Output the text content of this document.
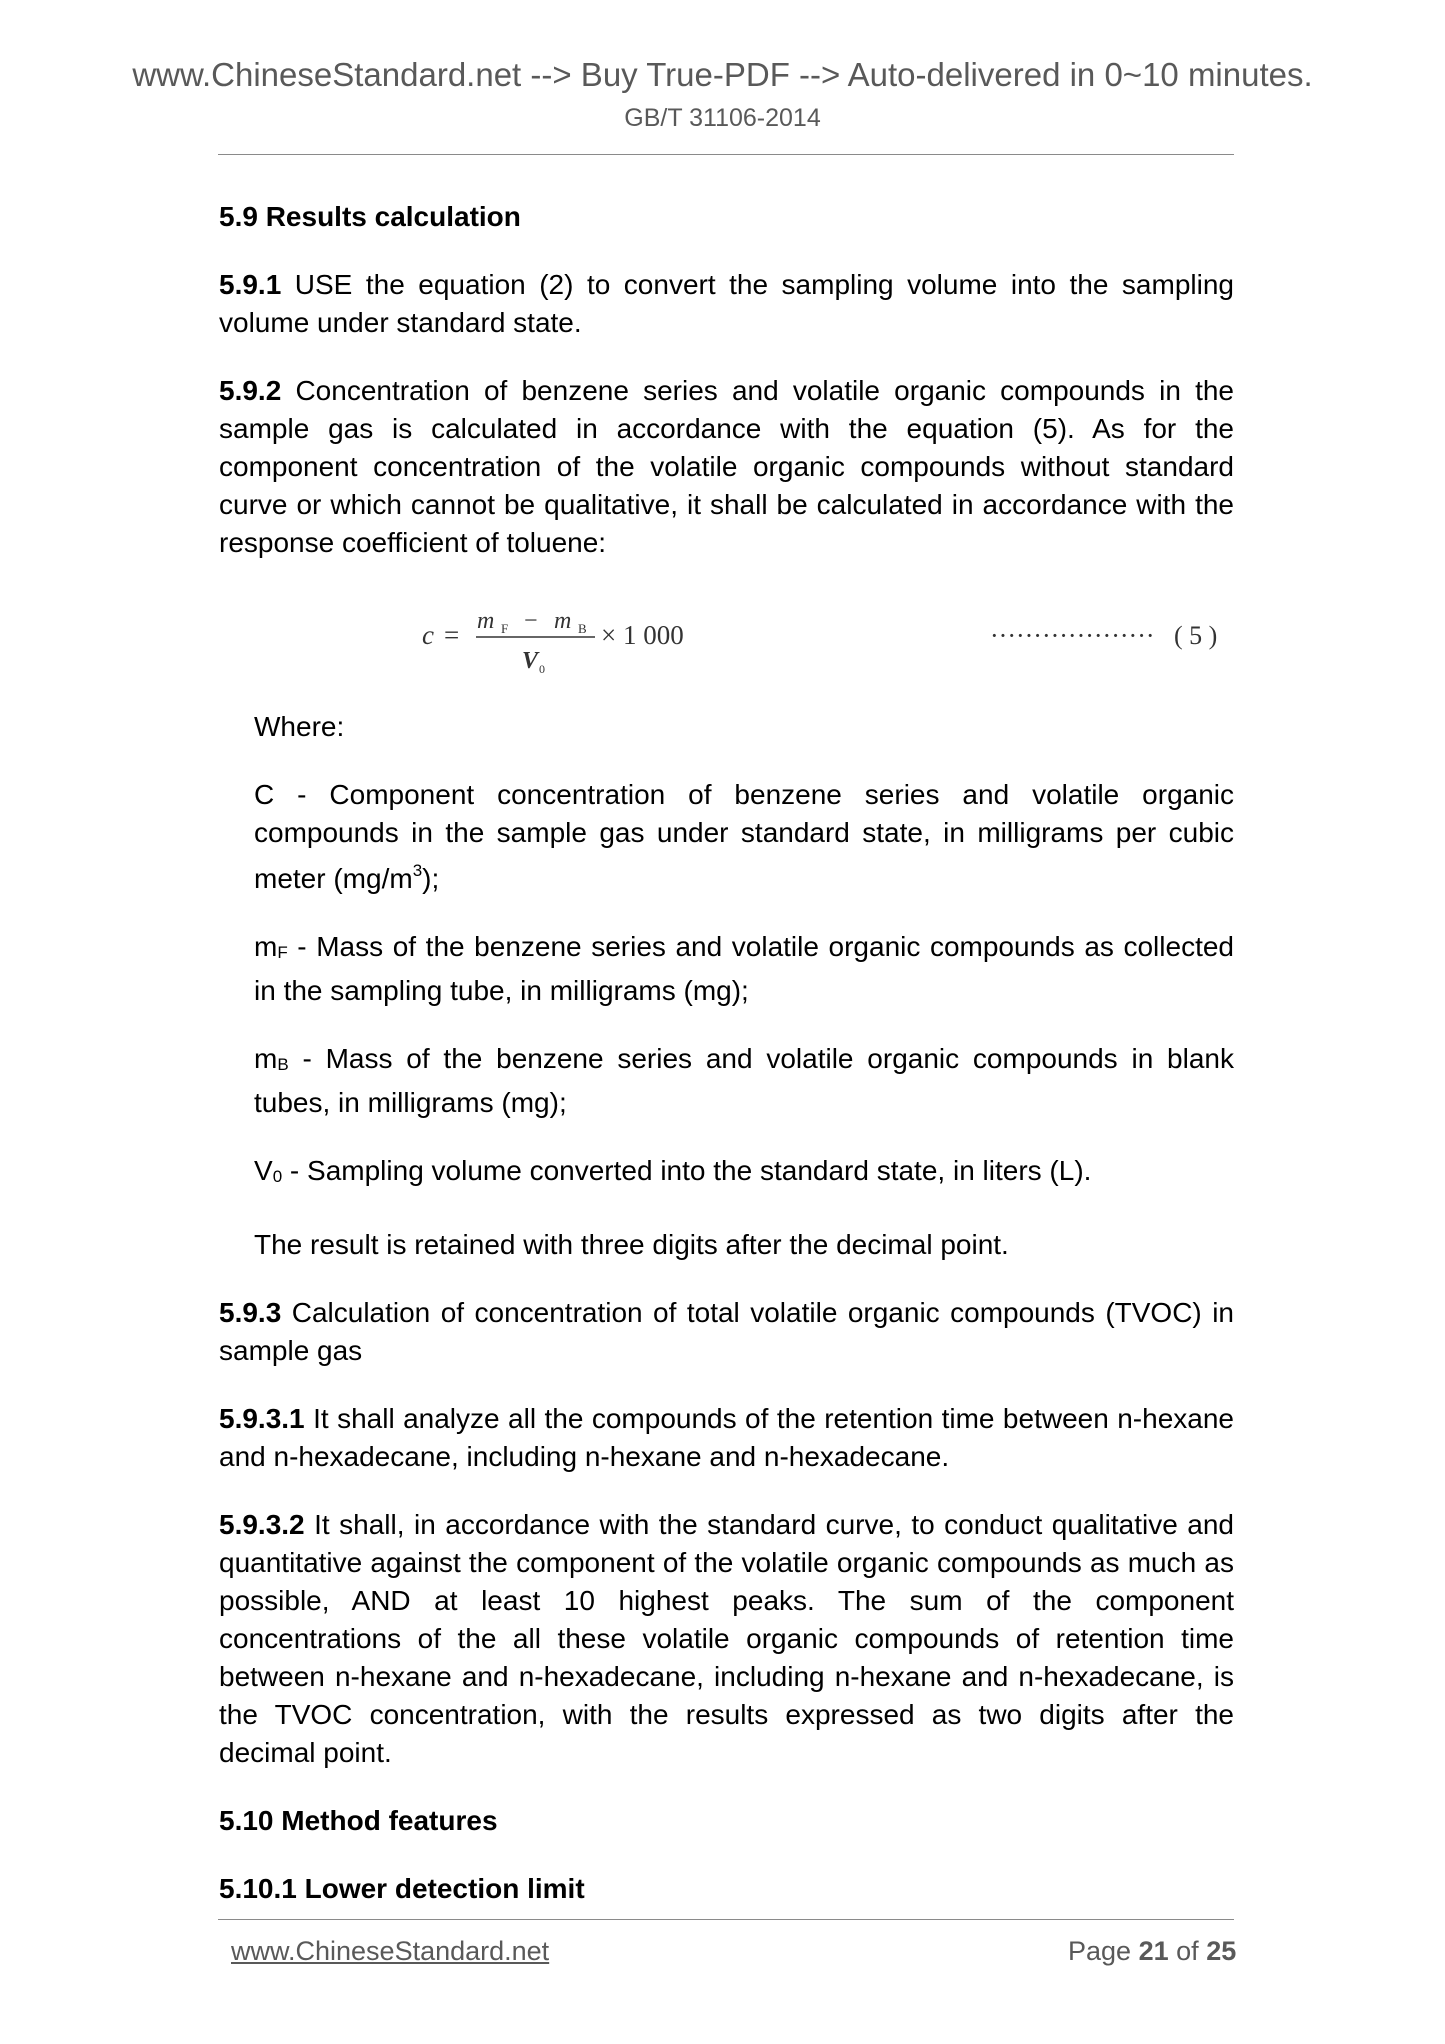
www.ChineseStandard.net --> Buy True-PDF --> Auto-delivered in 0~10 minutes.
GB/T 31106-2014

5.9 Results calculation

5.9.1 USE the equation (2) to convert the sampling volume into the sampling volume under standard state.

5.9.2 Concentration of benzene series and volatile organic compounds in the sample gas is calculated in accordance with the equation (5). As for the component concentration of the volatile organic compounds without standard curve or which cannot be qualitative, it shall be calculated in accordance with the response coefficient of toluene:

c = m F − m B
V 0
× 1 000	··················· ( 5 )

Where:

C - Component concentration of benzene series and volatile organic compounds in the sample gas under standard state, in milligrams per cubic meter $(mg/m^3)$;

mF - Mass of the benzene series and volatile organic compounds as collected in the sampling tube, in milligrams (mg);

mB - Mass of the benzene series and volatile organic compounds in blank tubes, in milligrams (mg);

V0 - Sampling volume converted into the standard state, in liters (L).

The result is retained with three digits after the decimal point.

5.9.3 Calculation of concentration of total volatile organic compounds (TVOC) in sample gas

5.9.3.1 It shall analyze all the compounds of the retention time between n-hexane and n-hexadecane, including n-hexane and n-hexadecane.

5.9.3.2 It shall, in accordance with the standard curve, to conduct qualitative and quantitative against the component of the volatile organic compounds as much as possible, AND at least 10 highest peaks. The sum of the component concentrations of the all these volatile organic compounds of retention time between n-hexane and n-hexadecane, including n-hexane and n-hexadecane, is the TVOC concentration, with the results expressed as two digits after the decimal point.

5.10 Method features

5.10.1 Lower detection limit

www.ChineseStandard.net	Page 21 of 25
